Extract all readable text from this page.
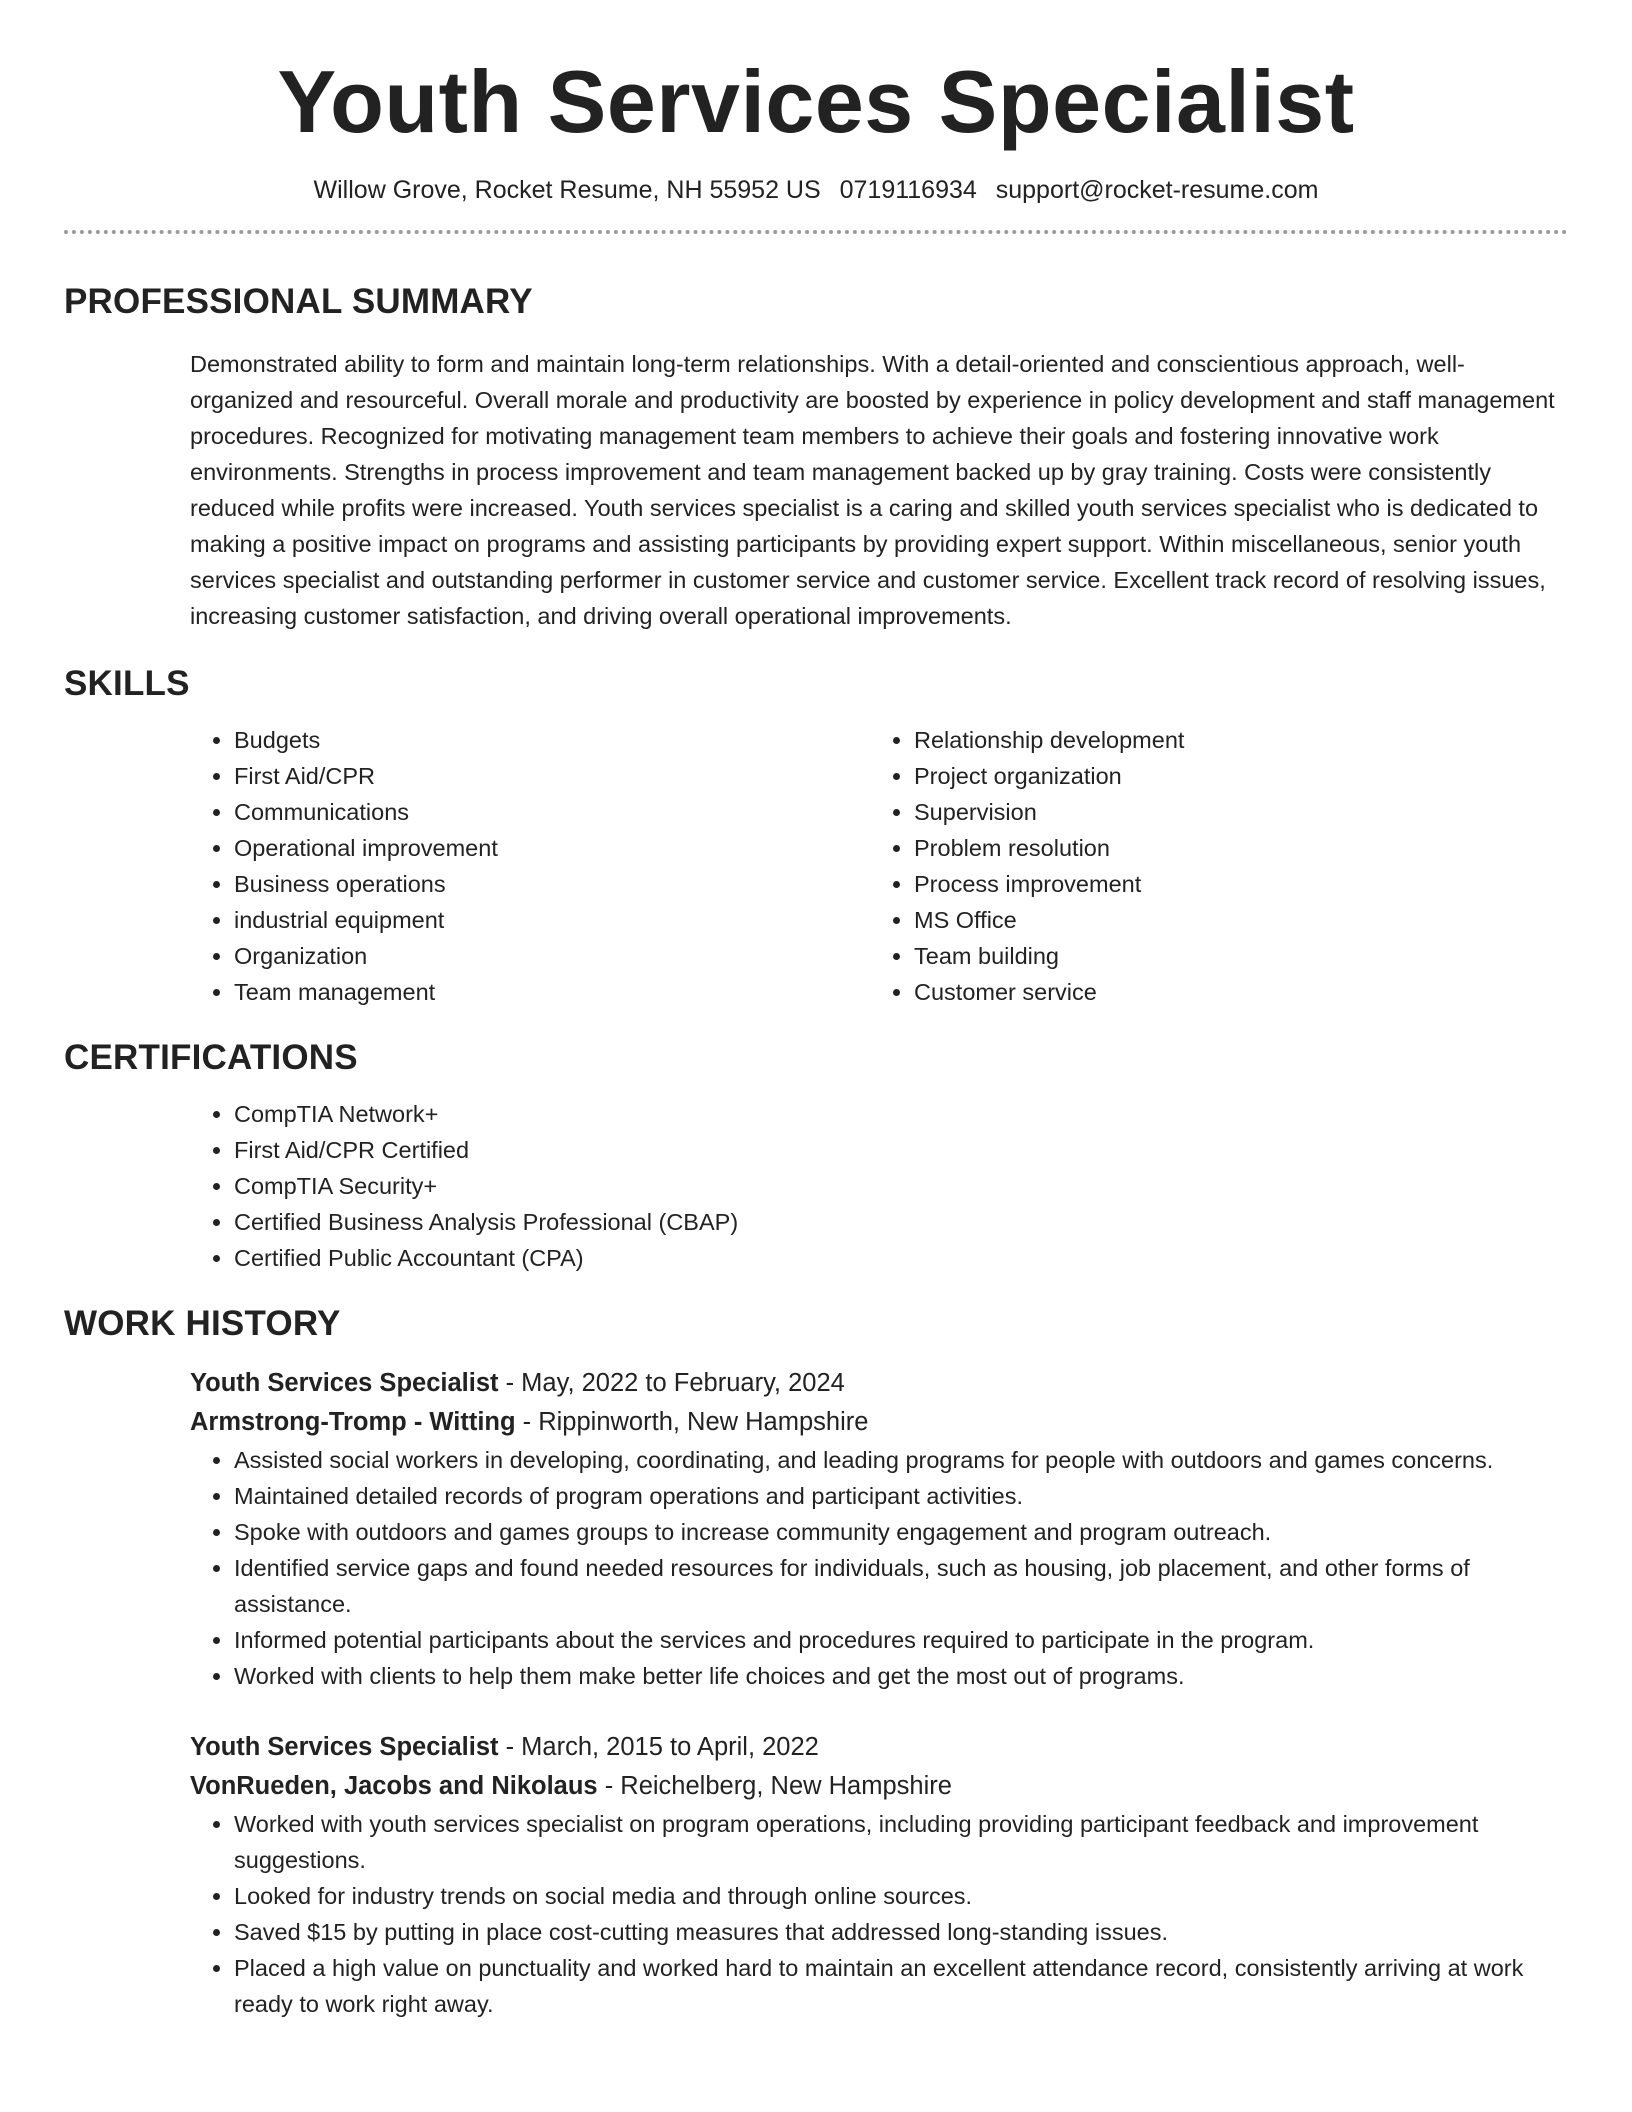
Youth Services Specialist
Willow Grove, Rocket Resume, NH 55952 US 0719116934 support@rocket-resume.com
PROFESSIONAL SUMMARY

Demonstrated ability to form and maintain long-term relationships. With a detail-oriented and conscientious approach, well-organized and resourceful. Overall morale and productivity are boosted by experience in policy development and staff management procedures. Recognized for motivating management team members to achieve their goals and fostering innovative work environments. Strengths in process improvement and team management backed up by gray training. Costs were consistently reduced while profits were increased. Youth services specialist is a caring and skilled youth services specialist who is dedicated to making a positive impact on programs and assisting participants by providing expert support. Within miscellaneous, senior youth services specialist and outstanding performer in customer service and customer service. Excellent track record of resolving issues, increasing customer satisfaction, and driving overall operational improvements.

SKILLS
• Budgets
• First Aid/CPR
• Communications
• Operational improvement
• Business operations
• industrial equipment
• Organization
• Team management
• Relationship development
• Project organization
• Supervision
• Problem resolution
• Process improvement
• MS Office
• Team building
• Customer service
CERTIFICATIONS
• CompTIA Network+
• First Aid/CPR Certified
• CompTIA Security+
• Certified Business Analysis Professional (CBAP)
• Certified Public Accountant (CPA)
WORK HISTORY
Youth Services Specialist - May, 2022 to February, 2024
Armstrong-Tromp - Witting - Rippinworth, New Hampshire
• Assisted social workers in developing, coordinating, and leading programs for people with outdoors and games concerns.
• Maintained detailed records of program operations and participant activities.
• Spoke with outdoors and games groups to increase community engagement and program outreach.
• Identified service gaps and found needed resources for individuals, such as housing, job placement, and other forms of assistance.
• Informed potential participants about the services and procedures required to participate in the program.
• Worked with clients to help them make better life choices and get the most out of programs.
Youth Services Specialist - March, 2015 to April, 2022
VonRueden, Jacobs and Nikolaus - Reichelberg, New Hampshire
• Worked with youth services specialist on program operations, including providing participant feedback and improvement suggestions.
• Looked for industry trends on social media and through online sources.
• Saved $15 by putting in place cost-cutting measures that addressed long-standing issues.
• Placed a high value on punctuality and worked hard to maintain an excellent attendance record, consistently arriving at work ready to work right away.
